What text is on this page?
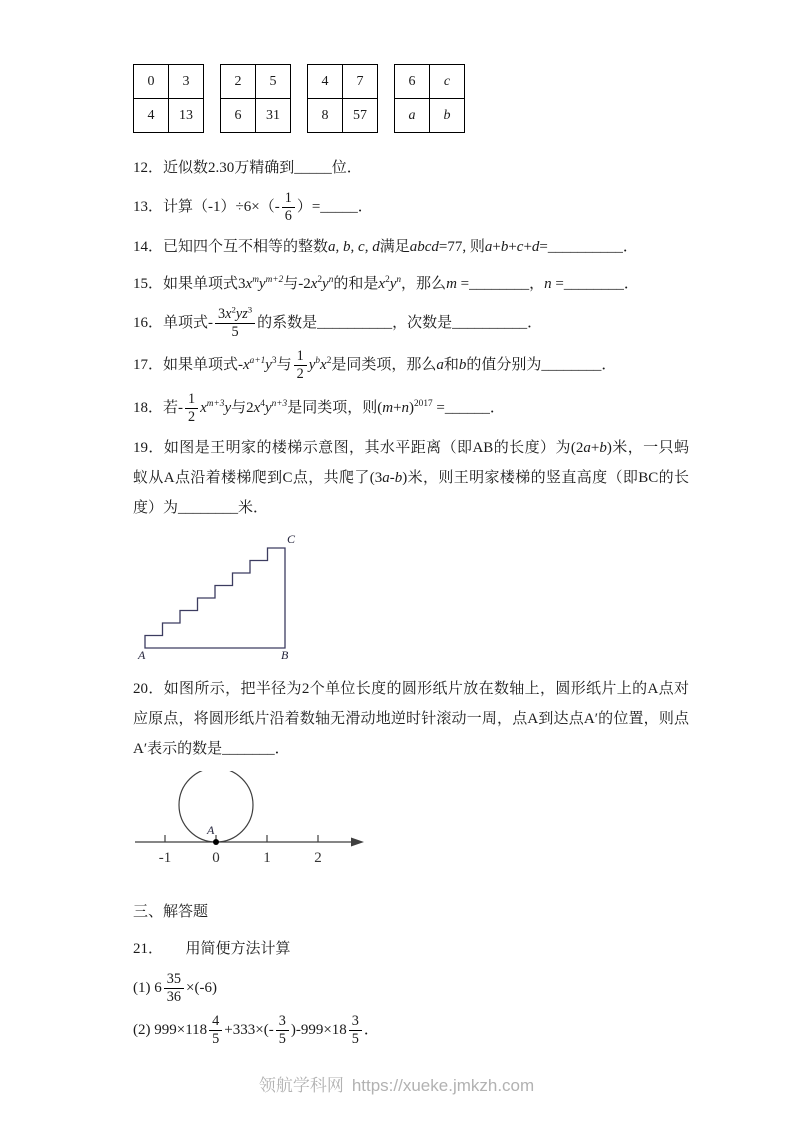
0	3
4	13
2	5
6	31
4	7
8	57
6	c
a	b
12．近似数2.30万精确到_____位．
13．计算$(-1)\div 6\times(- \frac{1}{6}$ ）=_____．
14．已知四个互不相等的整数a, b, c, d满足abcd=77, 则a+b+c+d=__________．
15．如果单项式$3x^my^{m+2}$与$-2x^2y^n$的和是$x^2y^n$，那么m =________，n =________．
16．单项式- $\frac{3x^2yz^3}{5}$ 的系数是__________，次数是__________．
17．如果单项式$-x^{a+1}y^3$与 $\frac{1}{2} y^bx^2$是同类项，那么a和b的值分别为________．
18．若- $\frac{1}{2} x^{m+3}y$与$2x^4y^{n+3}$是同类项，则$(m+n)^{2017}$ =______．
19．如图是王明家的楼梯示意图，其水平距离（即AB的长度）为(2a+b)米，一只蚂蚁从A点沿着楼梯爬到C点，共爬了(3a-b)米，则王明家楼梯的竖直高度（即BC的长度）为________米．
A	B
C
20．如图所示，把半径为2个单位长度的圆形纸片放在数轴上，圆形纸片上的A点对应原点，将圆形纸片沿着数轴无滑动地逆时针滚动一周，点A到达点A′的位置，则点A′表示的数是_______．
A
-1	0	1	2
三、解答题
21．　　用简便方法计算
(1) $6 \frac{35}{36} \times(-6)$
(2) $999\times 118 \frac{4}{5} +333\times(- \frac{3}{5} )-999\times 18 \frac{3}{5}$ ．
领航学科网 https://xueke.jmkzh.com
